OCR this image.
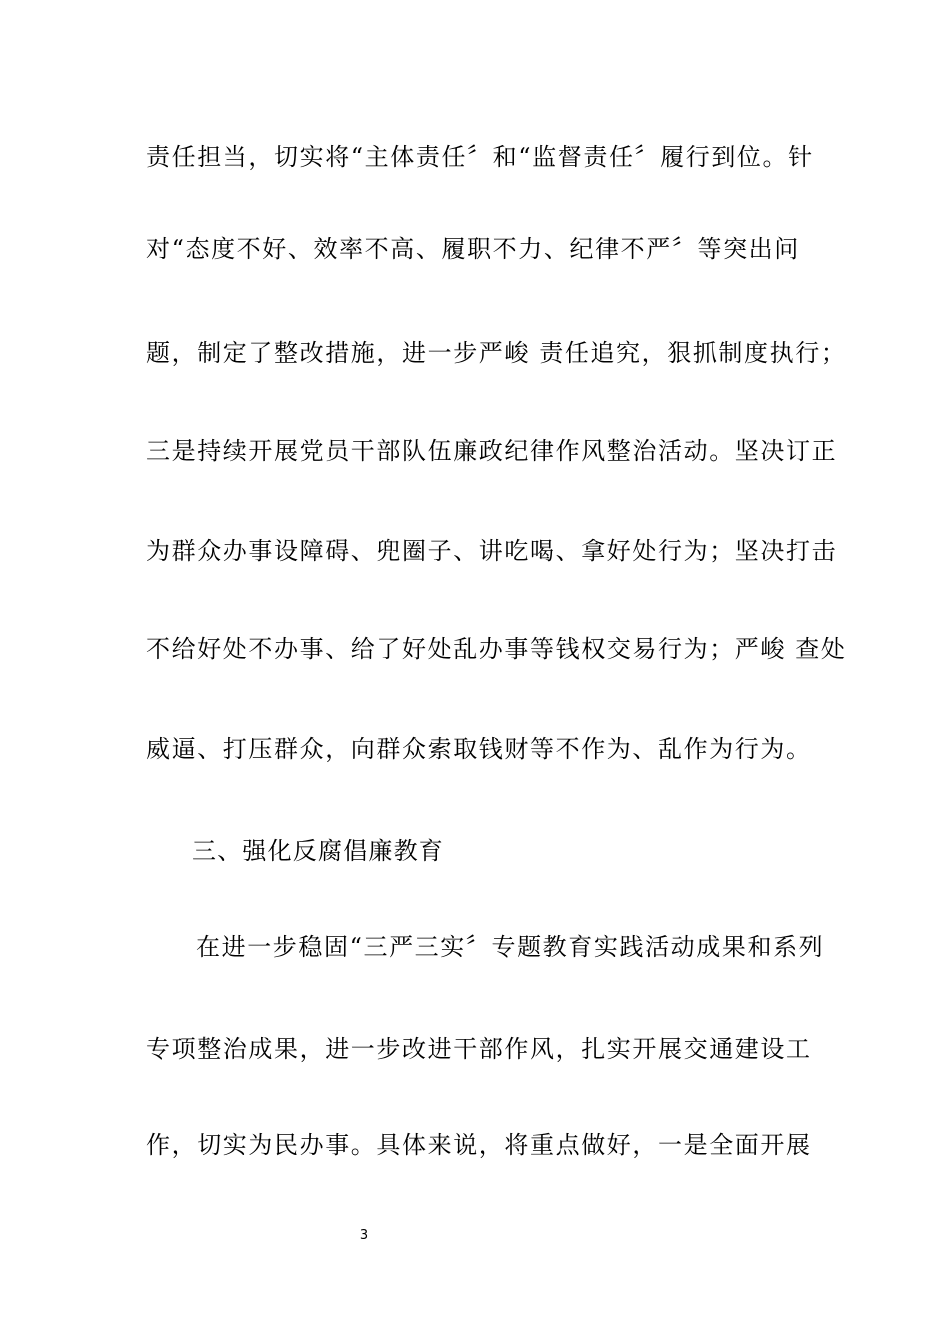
责任担当，切实将“主体责任〞和“监督责任〞履行到位。针
对“态度不好、效率不高、履职不力、纪律不严〞等突出问
题，制定了整改措施，进一步严峻 责任追究，狠抓制度执行；
三是持续开展党员干部队伍廉政纪律作风整治活动。坚决订正
为群众办事设障碍、兜圈子、讲吃喝、拿好处行为；坚决打击
不给好处不办事、给了好处乱办事等钱权交易行为；严峻 查处
威逼、打压群众，向群众索取钱财等不作为、乱作为行为。
三、强化反腐倡廉教育
在进一步稳固“三严三实〞专题教育实践活动成果和系列
专项整治成果，进一步改进干部作风，扎实开展交通建设工
作，切实为民办事。具体来说，将重点做好，一是全面开展
3
